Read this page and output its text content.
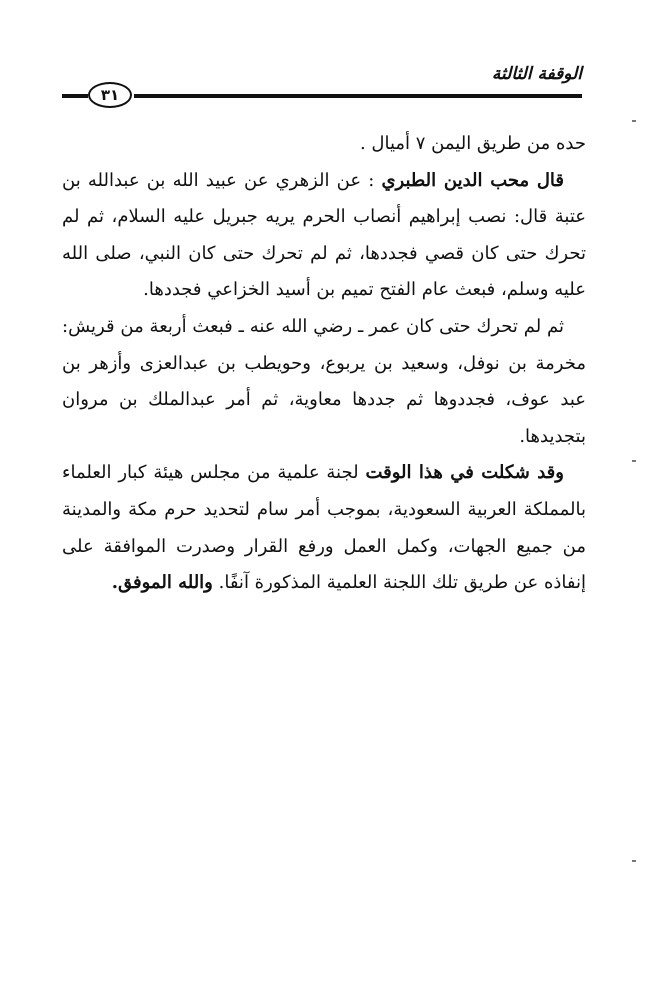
الوقفة الثالثة
٣١

حده من طريق اليمن ٧ أميال .

قال محب الدين الطبري : عن الزهري عن عبيد الله بن عبدالله بن عتبة قال: نصب إبراهيم أنصاب الحرم يريه جبريل عليه السلام، ثم لم تحرك حتى كان قصي فجددها، ثم لم تحرك حتى كان النبي، صلى الله عليه وسلم، فبعث عام الفتح تميم بن أسيد الخزاعي فجددها.

ثم لم تحرك حتى كان عمر ـ رضي الله عنه ـ فبعث أربعة من قريش: مخرمة بن نوفل، وسعيد بن يربوع، وحويطب بن عبدالعزى وأزهر بن عبد عوف، فجددوها ثم جددها معاوية، ثم أمر عبدالملك بن مروان بتجديدها.

وقد شكلت في هذا الوقت لجنة علمية من مجلس هيئة كبار العلماء بالمملكة العربية السعودية، بموجب أمر سام لتحديد حرم مكة والمدينة من جميع الجهات، وكمل العمل ورفع القرار وصدرت الموافقة على إنفاذه عن طريق تلك اللجنة العلمية المذكورة آنفًا. والله الموفق.
